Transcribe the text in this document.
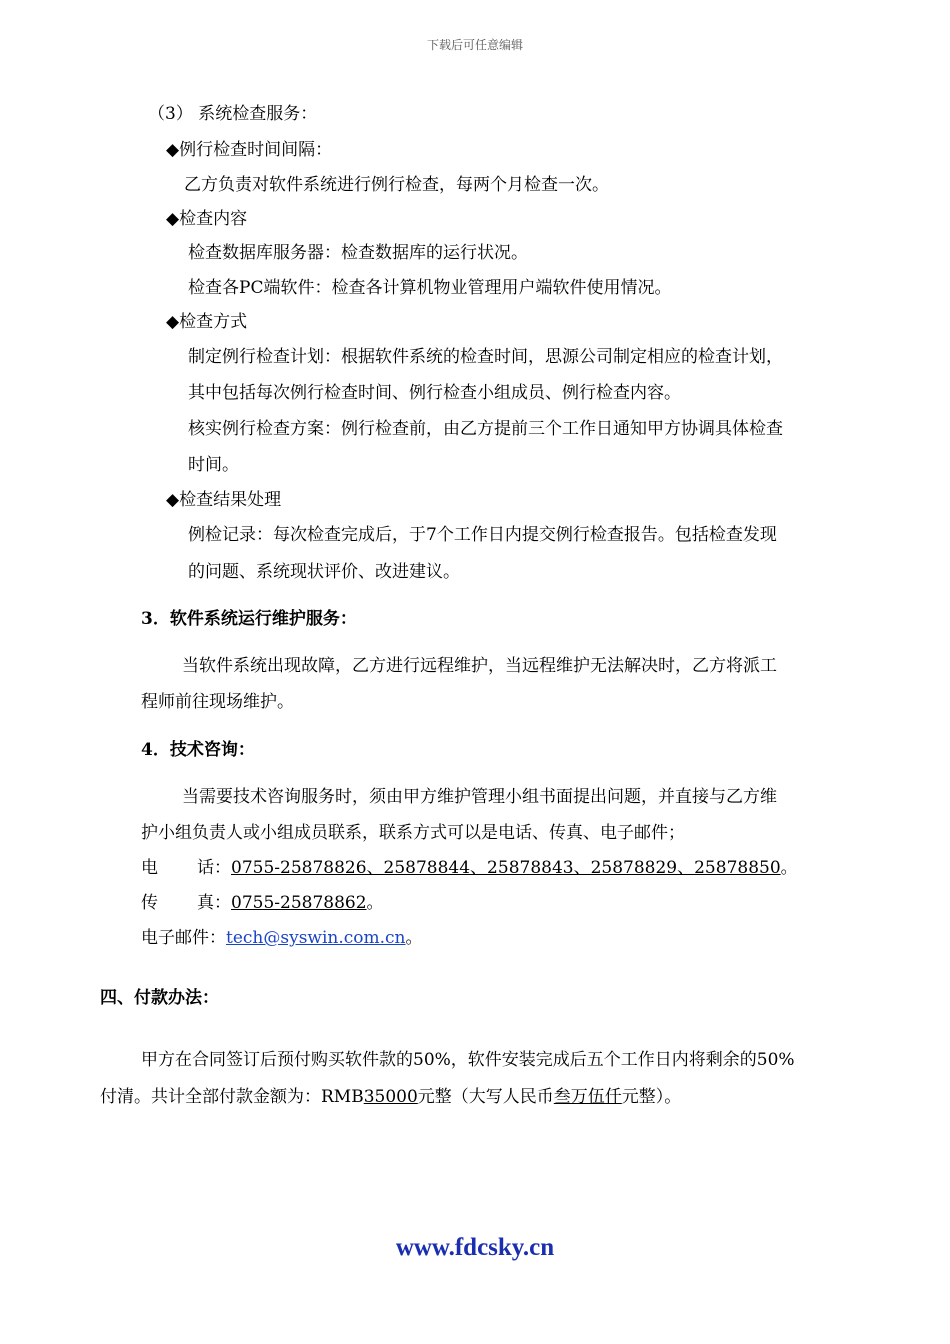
下载后可任意编辑
（3） 系统检查服务：
◆例行检查时间间隔：
乙方负责对软件系统进行例行检查，每两个月检查一次。
◆检查内容
检查数据库服务器：检查数据库的运行状况。
检查各PC端软件：检查各计算机物业管理用户端软件使用情况。
◆检查方式
制定例行检查计划：根据软件系统的检查时间，思源公司制定相应的检查计划，
其中包括每次例行检查时间、例行检查小组成员、例行检查内容。
核实例行检查方案：例行检查前，由乙方提前三个工作日通知甲方协调具体检查
时间。
◆检查结果处理
例检记录：每次检查完成后，于7个工作日内提交例行检查报告。包括检查发现
的问题、系统现状评价、改进建议。
3．软件系统运行维护服务：
当软件系统出现故障，乙方进行远程维护，当远程维护无法解决时，乙方将派工
程师前往现场维护。
4．技术咨询：
当需要技术咨询服务时，须由甲方维护管理小组书面提出问题，并直接与乙方维
护小组负责人或小组成员联系，联系方式可以是电话、传真、电子邮件；
电 话：0755-25878826、25878844、25878843、25878829、25878850。
传 真：0755-25878862。
电子邮件：tech@syswin.com.cn。
四、付款办法：
甲方在合同签订后预付购买软件款的50%，软件安装完成后五个工作日内将剩余的50%
付清。共计全部付款金额为：RMB35000元整（大写人民币叁万伍仟元整）。
www.fdcsky.cn
